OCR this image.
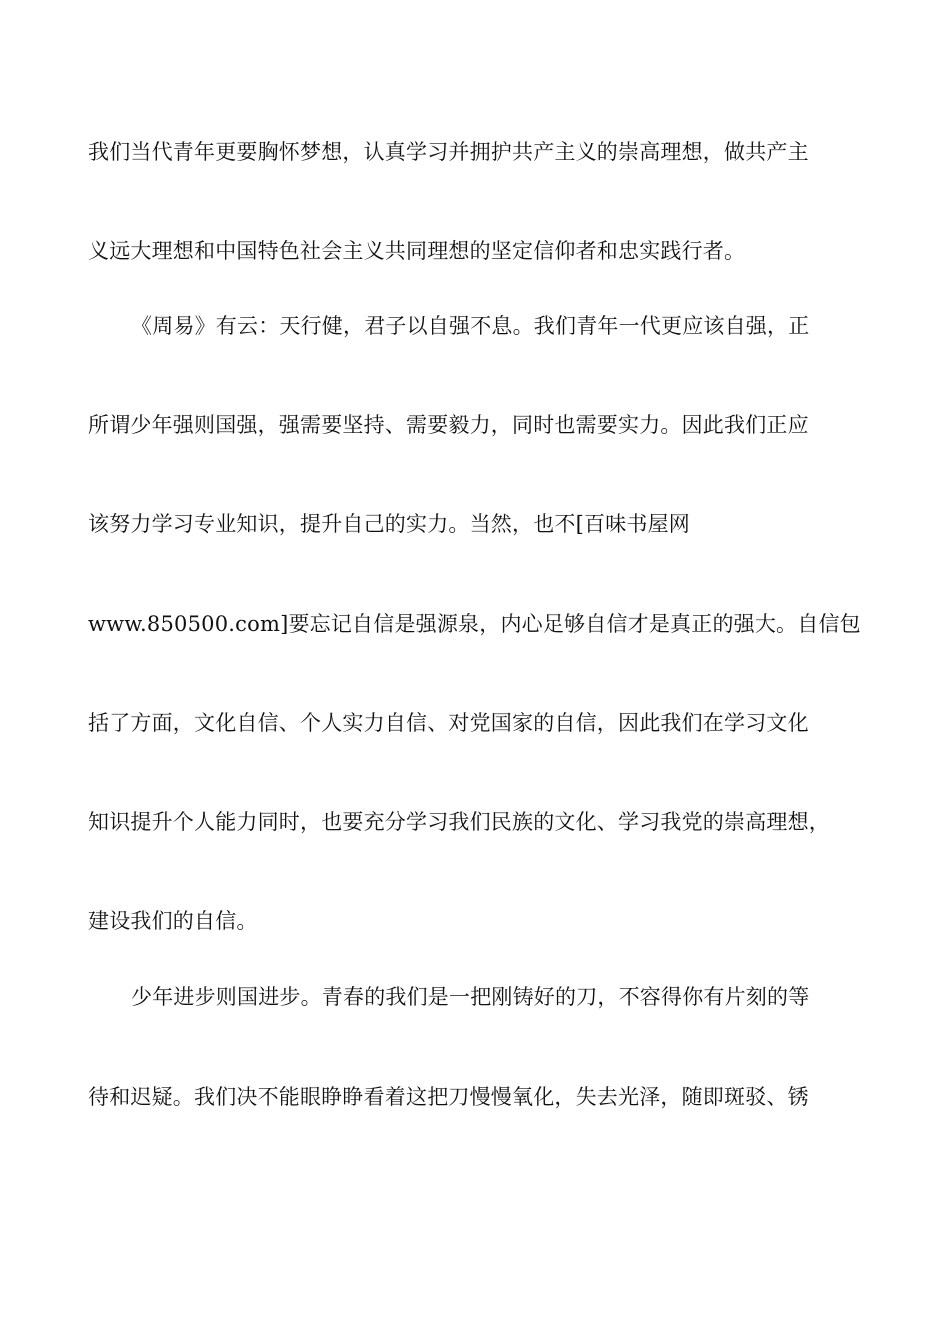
我们当代青年更要胸怀梦想，认真学习并拥护共产主义的崇高理想，做共产主
义远大理想和中国特色社会主义共同理想的坚定信仰者和忠实践行者。
《周易》有云：天行健，君子以自强不息。我们青年一代更应该自强，正
所谓少年强则国强，强需要坚持、需要毅力，同时也需要实力。因此我们正应
该努力学习专业知识，提升自己的实力。当然，也不[百味书屋网
www.850500.com]要忘记自信是强源泉，内心足够自信才是真正的强大。自信包
括了方面，文化自信、个人实力自信、对党国家的自信，因此我们在学习文化
知识提升个人能力同时，也要充分学习我们民族的文化、学习我党的崇高理想，
建设我们的自信。
少年进步则国进步。青春的我们是一把刚铸好的刀，不容得你有片刻的等
待和迟疑。我们决不能眼睁睁看着这把刀慢慢氧化，失去光泽，随即斑驳、锈
